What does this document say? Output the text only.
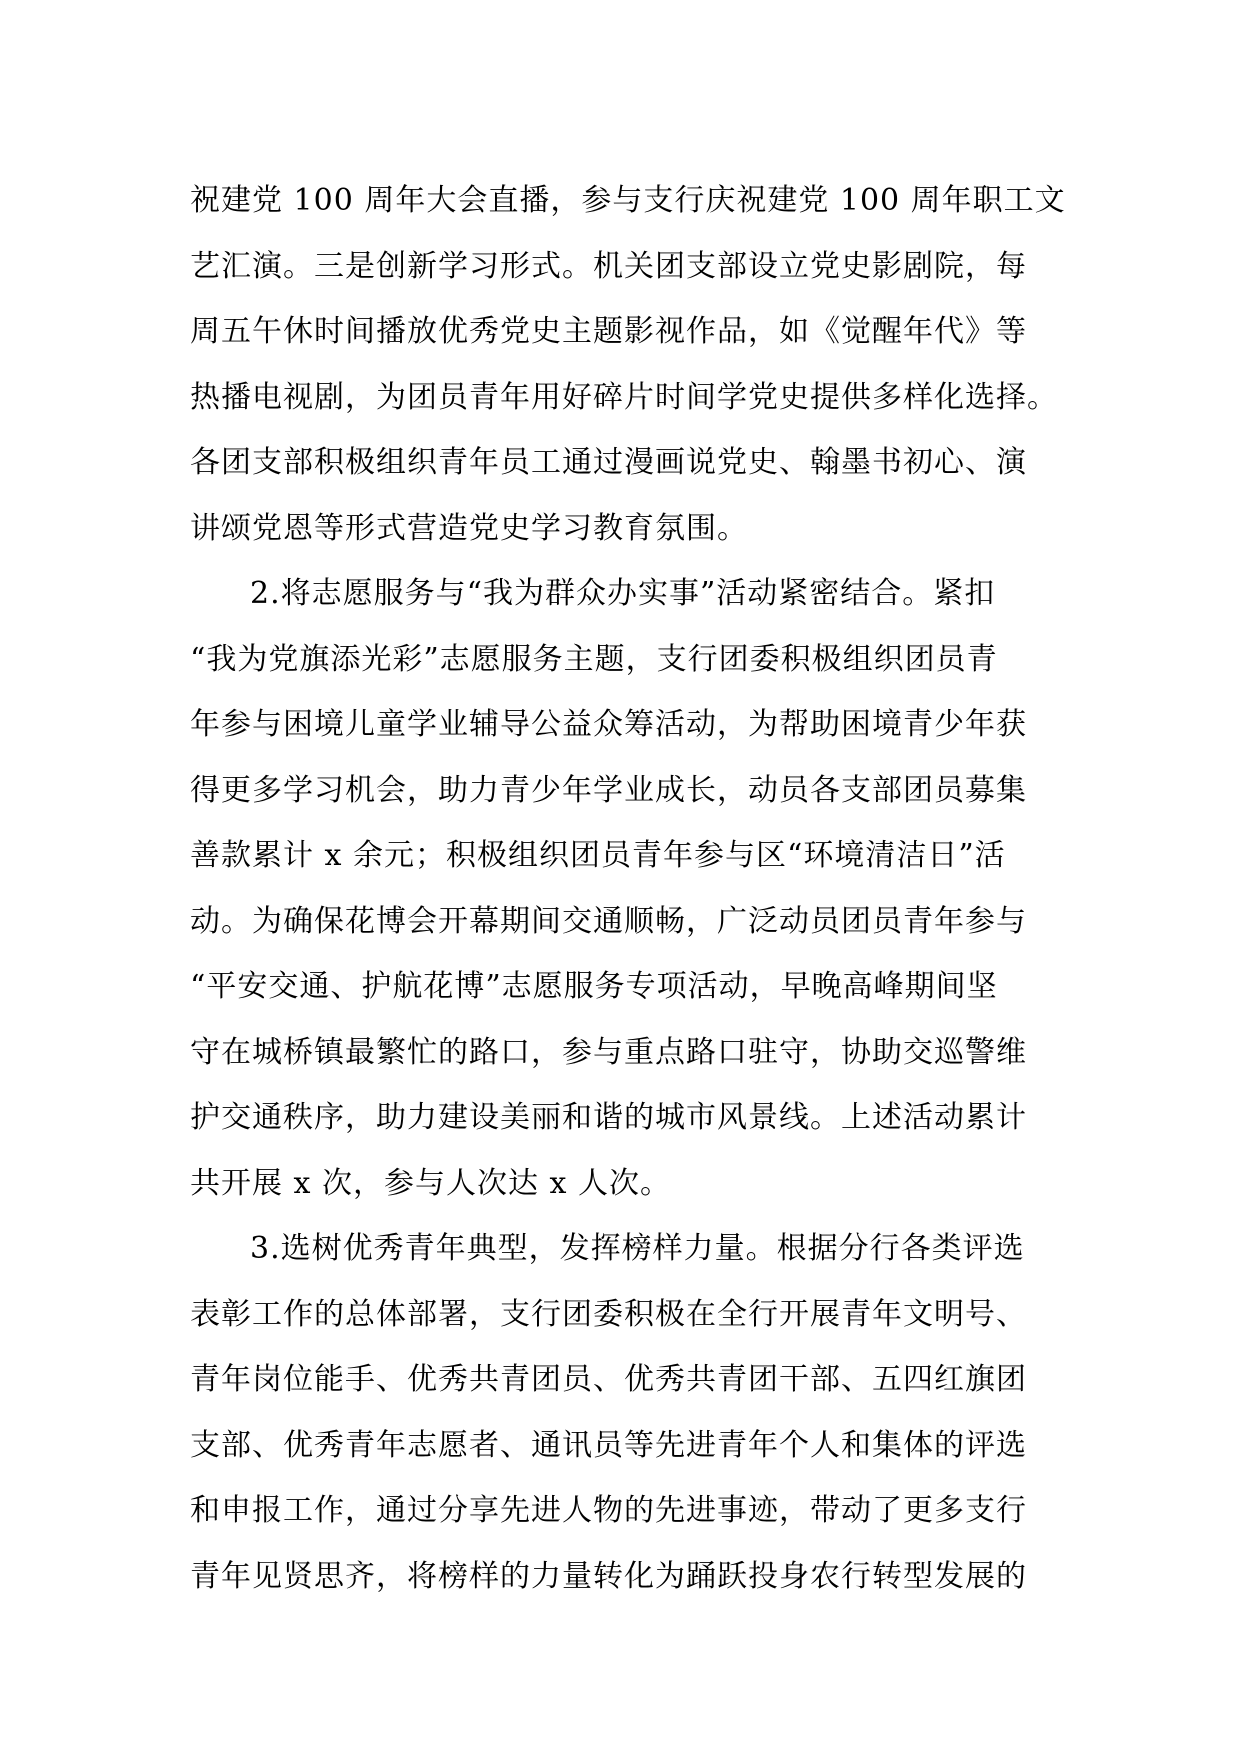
祝建党 100 周年大会直播，参与支行庆祝建党 100 周年职工文
艺汇演。三是创新学习形式。机关团支部设立党史影剧院，每
周五午休时间播放优秀党史主题影视作品，如《觉醒年代》等
热播电视剧，为团员青年用好碎片时间学党史提供多样化选择。
各团支部积极组织青年员工通过漫画说党史、翰墨书初心、演
讲颂党恩等形式营造党史学习教育氛围。
2.将志愿服务与“我为群众办实事”活动紧密结合。紧扣
“我为党旗添光彩”志愿服务主题，支行团委积极组织团员青
年参与困境儿童学业辅导公益众筹活动，为帮助困境青少年获
得更多学习机会，助力青少年学业成长，动员各支部团员募集
善款累计 x 余元；积极组织团员青年参与区“环境清洁日”活
动。为确保花博会开幕期间交通顺畅，广泛动员团员青年参与
“平安交通、护航花博”志愿服务专项活动，早晚高峰期间坚
守在城桥镇最繁忙的路口，参与重点路口驻守，协助交巡警维
护交通秩序，助力建设美丽和谐的城市风景线。上述活动累计
共开展 x 次，参与人次达 x 人次。
3.选树优秀青年典型，发挥榜样力量。根据分行各类评选
表彰工作的总体部署，支行团委积极在全行开展青年文明号、
青年岗位能手、优秀共青团员、优秀共青团干部、五四红旗团
支部、优秀青年志愿者、通讯员等先进青年个人和集体的评选
和申报工作，通过分享先进人物的先进事迹，带动了更多支行
青年见贤思齐，将榜样的力量转化为踊跃投身农行转型发展的
